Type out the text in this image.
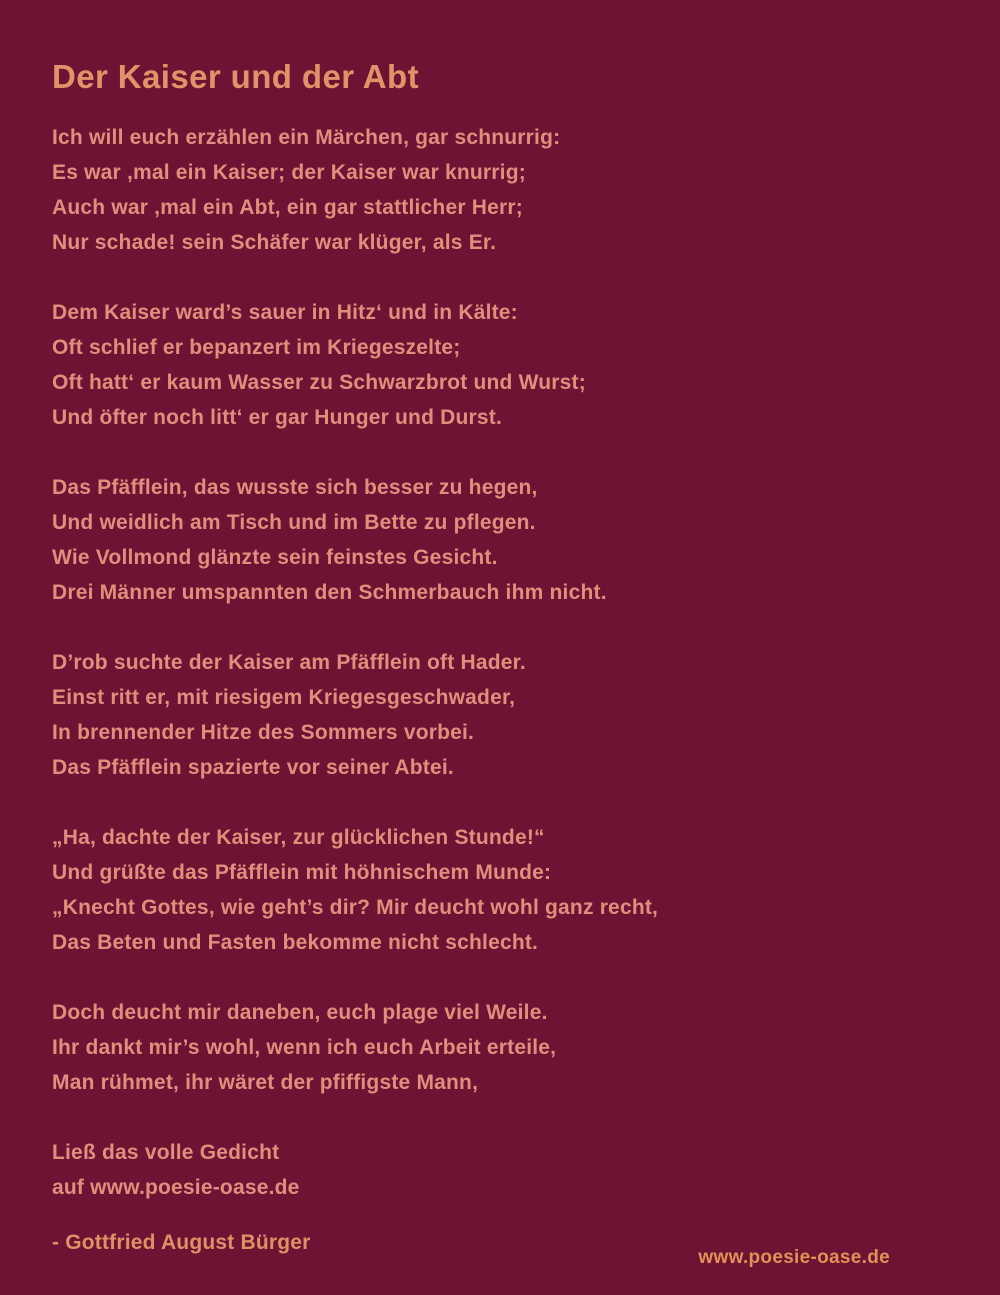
Der Kaiser und der Abt
Ich will euch erzählen ein Märchen, gar schnurrig:
Es war ,mal ein Kaiser; der Kaiser war knurrig;
Auch war ,mal ein Abt, ein gar stattlicher Herr;
Nur schade! sein Schäfer war klüger, als Er.
Dem Kaiser ward’s sauer in Hitz‘ und in Kälte:
Oft schlief er bepanzert im Kriegeszelte;
Oft hatt‘ er kaum Wasser zu Schwarzbrot und Wurst;
Und öfter noch litt‘ er gar Hunger und Durst.
Das Pfäfflein, das wusste sich besser zu hegen,
Und weidlich am Tisch und im Bette zu pflegen.
Wie Vollmond glänzte sein feinstes Gesicht.
Drei Männer umspannten den Schmerbauch ihm nicht.
D’rob suchte der Kaiser am Pfäfflein oft Hader.
Einst ritt er, mit riesigem Kriegesgeschwader,
In brennender Hitze des Sommers vorbei.
Das Pfäfflein spazierte vor seiner Abtei.
„Ha, dachte der Kaiser, zur glücklichen Stunde!“
Und grüßte das Pfäfflein mit höhnischem Munde:
„Knecht Gottes, wie geht’s dir? Mir deucht wohl ganz recht,
Das Beten und Fasten bekomme nicht schlecht.
Doch deucht mir daneben, euch plage viel Weile.
Ihr dankt mir’s wohl, wenn ich euch Arbeit erteile,
Man rühmet, ihr wäret der pfiffigste Mann,
Ließ das volle Gedicht
auf www.poesie-oase.de
- Gottfried August Bürger
www.poesie-oase.de
